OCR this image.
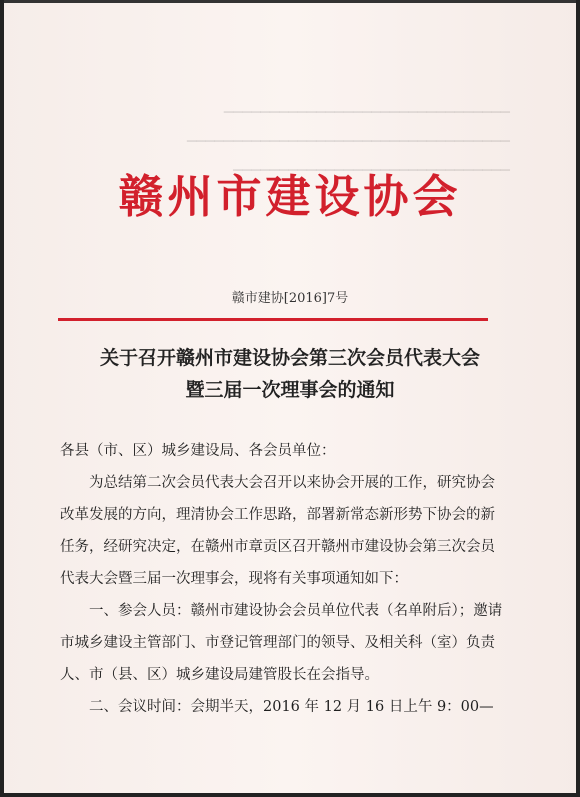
▁▁▁▁▁▁▁▁▁▁▁▁▁▁▁▁▁▁▁▁▁▁▁▁▁▁▁▁▁▁▁
▁▁▁▁▁▁▁▁▁▁▁▁▁▁▁▁▁▁▁▁▁▁▁▁▁▁▁▁▁▁▁▁▁▁▁
▁▁▁▁▁▁▁▁▁▁▁▁▁▁▁▁▁▁▁▁▁▁▁▁▁▁▁▁▁▁
赣州市建设协会
赣市建协[2016]7号
关于召开赣州市建设协会第三次会员代表大会
暨三届一次理事会的通知

各县（市、区）城乡建设局、各会员单位：

为总结第二次会员代表大会召开以来协会开展的工作，研究协会改革发展的方向，理清协会工作思路，部署新常态新形势下协会的新任务，经研究决定，在赣州市章贡区召开赣州市建设协会第三次会员代表大会暨三届一次理事会，现将有关事项通知如下：

一、参会人员：赣州市建设协会会员单位代表（名单附后）；邀请市城乡建设主管部门、市登记管理部门的领导、及相关科（室）负责人、市（县、区）城乡建设局建管股长在会指导。

二、会议时间：会期半天，2016 年 12 月 16 日上午 9：00—
